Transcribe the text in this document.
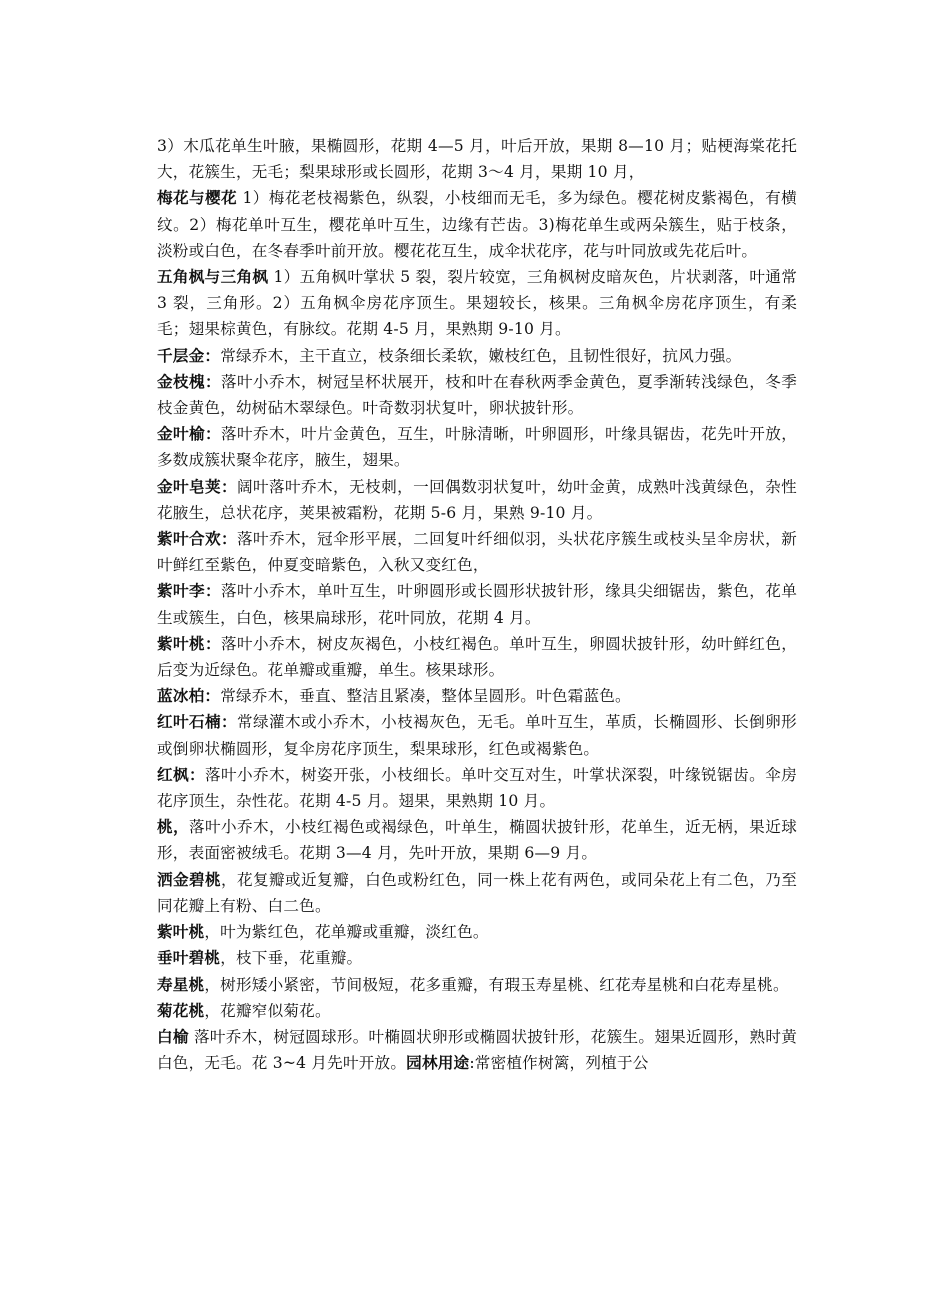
3）木瓜花单生叶腋，果椭圆形，花期 4—5 月，叶后开放，果期 8—10 月；贴梗海棠花托大，花簇生，无毛；梨果球形或长圆形，花期 3～4 月，果期 10 月，

梅花与樱花 1）梅花老枝褐紫色，纵裂，小枝细而无毛，多为绿色。樱花树皮紫褐色，有横纹。2）梅花单叶互生，樱花单叶互生，边缘有芒齿。3)梅花单生或两朵簇生，贴于枝条，淡粉或白色，在冬春季叶前开放。樱花花互生，成伞状花序，花与叶同放或先花后叶。

五角枫与三角枫 1）五角枫叶掌状 5 裂，裂片较宽，三角枫树皮暗灰色，片状剥落，叶通常 3 裂，三角形。2）五角枫伞房花序顶生。果翅较长，核果。三角枫伞房花序顶生，有柔毛；翅果棕黄色，有脉纹。花期 4-5 月，果熟期 9-10 月。

千层金：常绿乔木，主干直立，枝条细长柔软，嫩枝红色，且韧性很好，抗风力强。

金枝槐：落叶小乔木，树冠呈杯状展开，枝和叶在春秋两季金黄色，夏季渐转浅绿色，冬季枝金黄色，幼树砧木翠绿色。叶奇数羽状复叶，卵状披针形。

金叶榆：落叶乔木，叶片金黄色，互生，叶脉清晰，叶卵圆形，叶缘具锯齿，花先叶开放，多数成簇状聚伞花序，腋生，翅果。

金叶皂荚：阔叶落叶乔木，无枝刺，一回偶数羽状复叶，幼叶金黄，成熟叶浅黄绿色，杂性花腋生，总状花序，荚果被霜粉，花期 5-6 月，果熟 9-10 月。

紫叶合欢：落叶乔木，冠伞形平展，二回复叶纤细似羽，头状花序簇生或枝头呈伞房状，新叶鲜红至紫色，仲夏变暗紫色，入秋又变红色，

紫叶李：落叶小乔木，单叶互生，叶卵圆形或长圆形状披针形，缘具尖细锯齿，紫色，花单生或簇生，白色，核果扁球形，花叶同放，花期 4 月。

紫叶桃：落叶小乔木，树皮灰褐色，小枝红褐色。单叶互生，卵圆状披针形，幼叶鲜红色，后变为近绿色。花单瓣或重瓣，单生。核果球形。

蓝冰柏：常绿乔木，垂直、整洁且紧凑，整体呈圆形。叶色霜蓝色。

红叶石楠：常绿灌木或小乔木，小枝褐灰色，无毛。单叶互生，革质，长椭圆形、长倒卵形或倒卵状椭圆形，复伞房花序顶生，梨果球形，红色或褐紫色。

红枫：落叶小乔木，树姿开张，小枝细长。单叶交互对生，叶掌状深裂，叶缘锐锯齿。伞房花序顶生，杂性花。花期 4-5 月。翅果，果熟期 10 月。

桃，落叶小乔木，小枝红褐色或褐绿色，叶单生，椭圆状披针形，花单生，近无柄，果近球形，表面密被绒毛。花期 3—4 月，先叶开放，果期 6—9 月。

洒金碧桃，花复瓣或近复瓣，白色或粉红色，同一株上花有两色，或同朵花上有二色，乃至同花瓣上有粉、白二色。

紫叶桃，叶为紫红色，花单瓣或重瓣，淡红色。

垂叶碧桃，枝下垂，花重瓣。

寿星桃，树形矮小紧密，节间极短，花多重瓣，有瑕玉寿星桃、红花寿星桃和白花寿星桃。

菊花桃，花瓣窄似菊花。

白榆 落叶乔木，树冠圆球形。叶椭圆状卵形或椭圆状披针形，花簇生。翅果近圆形，熟时黄白色，无毛。花 3~4 月先叶开放。园林用途:常密植作树篱，列植于公
